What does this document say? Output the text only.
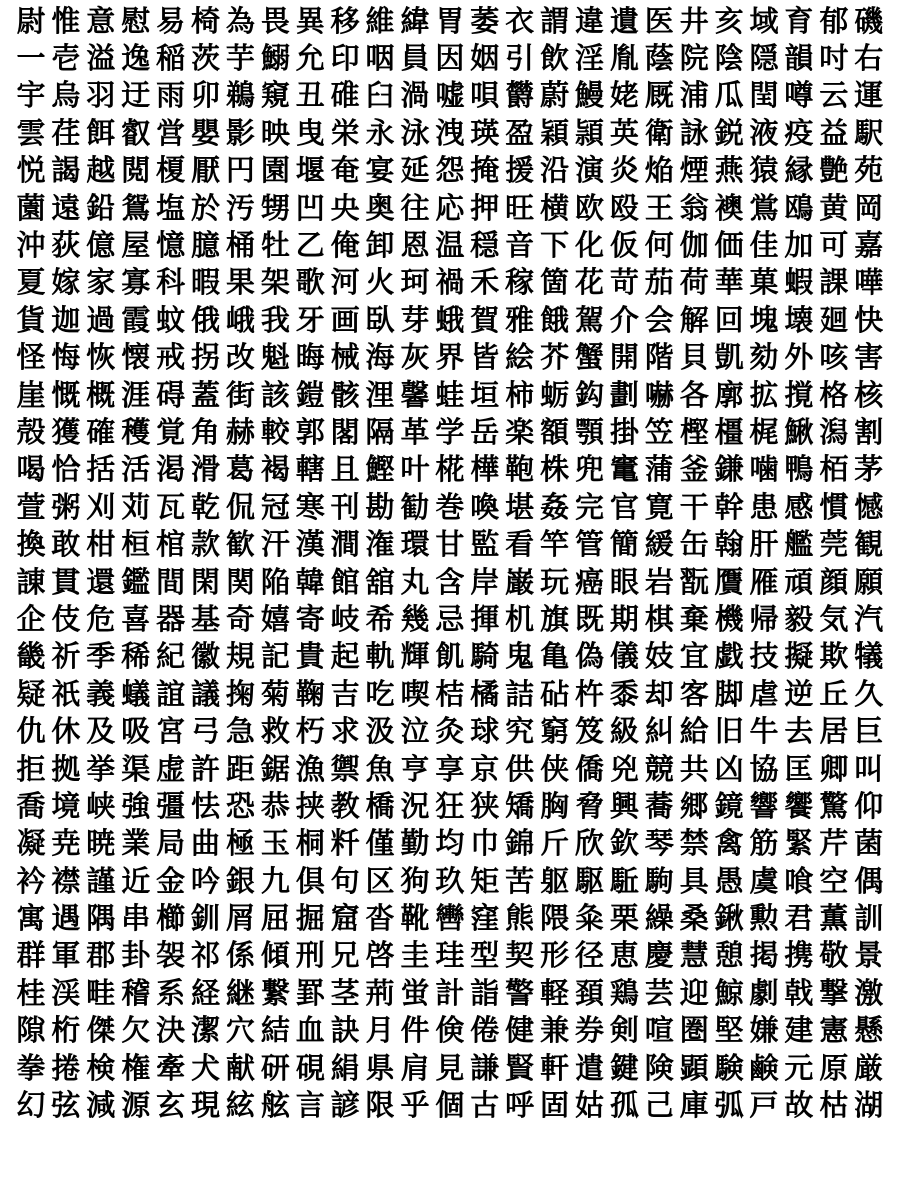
尉 惟 意 慰 易 椅 為 畏 異 移 維 緯 胃 萎 衣 謂 違 遺 医 井 亥 域 育 郁 磯
一 壱 溢 逸 稲 茨 芋 鰯 允 印 咽 員 因 姻 引 飲 淫 胤 蔭 院 陰 隠 韻 吋 右
宇 烏 羽 迂 雨 卯 鵜 窺 丑 碓 臼 渦 嘘 唄 欝 蔚 鰻 姥 厩 浦 瓜 閏 噂 云 運
雲 荏 餌 叡 営 嬰 影 映 曳 栄 永 泳 洩 瑛 盈 穎 頴 英 衛 詠 鋭 液 疫 益 駅
悦 謁 越 閲 榎 厭 円 園 堰 奄 宴 延 怨 掩 援 沿 演 炎 焔 煙 燕 猿 縁 艶 苑
薗 遠 鉛 鴛 塩 於 汚 甥 凹 央 奥 往 応 押 旺 横 欧 殴 王 翁 襖 鴬 鴎 黄 岡
沖 荻 億 屋 憶 臆 桶 牡 乙 俺 卸 恩 温 穏 音 下 化 仮 何 伽 価 佳 加 可 嘉
夏 嫁 家 寡 科 暇 果 架 歌 河 火 珂 禍 禾 稼 箇 花 苛 茄 荷 華 菓 蝦 課 嘩
貨 迦 過 霞 蚊 俄 峨 我 牙 画 臥 芽 蛾 賀 雅 餓 駕 介 会 解 回 塊 壊 廻 快
怪 悔 恢 懐 戒 拐 改 魁 晦 械 海 灰 界 皆 絵 芥 蟹 開 階 貝 凱 劾 外 咳 害
崖 慨 概 涯 碍 蓋 街 該 鎧 骸 浬 馨 蛙 垣 柿 蛎 鈎 劃 嚇 各 廓 拡 撹 格 核
殻 獲 確 穫 覚 角 赫 較 郭 閣 隔 革 学 岳 楽 額 顎 掛 笠 樫 橿 梶 鰍 潟 割
喝 恰 括 活 渇 滑 葛 褐 轄 且 鰹 叶 椛 樺 鞄 株 兜 竃 蒲 釜 鎌 噛 鴨 栢 茅
萱 粥 刈 苅 瓦 乾 侃 冠 寒 刊 勘 勧 巻 喚 堪 姦 完 官 寛 干 幹 患 感 慣 憾
換 敢 柑 桓 棺 款 歓 汗 漢 澗 潅 環 甘 監 看 竿 管 簡 緩 缶 翰 肝 艦 莞 観
諌 貫 還 鑑 間 閑 関 陥 韓 館 舘 丸 含 岸 巌 玩 癌 眼 岩 翫 贋 雁 頑 顔 願
企 伎 危 喜 器 基 奇 嬉 寄 岐 希 幾 忌 揮 机 旗 既 期 棋 棄 機 帰 毅 気 汽
畿 祈 季 稀 紀 徽 規 記 貴 起 軌 輝 飢 騎 鬼 亀 偽 儀 妓 宜 戯 技 擬 欺 犠
疑 祇 義 蟻 誼 議 掬 菊 鞠 吉 吃 喫 桔 橘 詰 砧 杵 黍 却 客 脚 虐 逆 丘 久
仇 休 及 吸 宮 弓 急 救 朽 求 汲 泣 灸 球 究 窮 笈 級 糾 給 旧 牛 去 居 巨
拒 拠 挙 渠 虚 許 距 鋸 漁 禦 魚 亨 享 京 供 侠 僑 兇 競 共 凶 協 匡 卿 叫
喬 境 峡 強 彊 怯 恐 恭 挟 教 橋 況 狂 狭 矯 胸 脅 興 蕎 郷 鏡 響 饗 驚 仰
凝 尭 暁 業 局 曲 極 玉 桐 粁 僅 勤 均 巾 錦 斤 欣 欽 琴 禁 禽 筋 緊 芹 菌
衿 襟 謹 近 金 吟 銀 九 倶 句 区 狗 玖 矩 苦 躯 駆 駈 駒 具 愚 虞 喰 空 偶
寓 遇 隅 串 櫛 釧 屑 屈 掘 窟 沓 靴 轡 窪 熊 隈 粂 栗 繰 桑 鍬 勲 君 薫 訓
群 軍 郡 卦 袈 祁 係 傾 刑 兄 啓 圭 珪 型 契 形 径 恵 慶 慧 憩 掲 携 敬 景
桂 渓 畦 稽 系 経 継 繋 罫 茎 荊 蛍 計 詣 警 軽 頚 鶏 芸 迎 鯨 劇 戟 撃 激
隙 桁 傑 欠 決 潔 穴 結 血 訣 月 件 倹 倦 健 兼 券 剣 喧 圏 堅 嫌 建 憲 懸
拳 捲 検 権 牽 犬 献 研 硯 絹 県 肩 見 謙 賢 軒 遣 鍵 険 顕 験 鹸 元 原 厳
幻 弦 減 源 玄 現 絃 舷 言 諺 限 乎 個 古 呼 固 姑 孤 己 庫 弧 戸 故 枯 湖
